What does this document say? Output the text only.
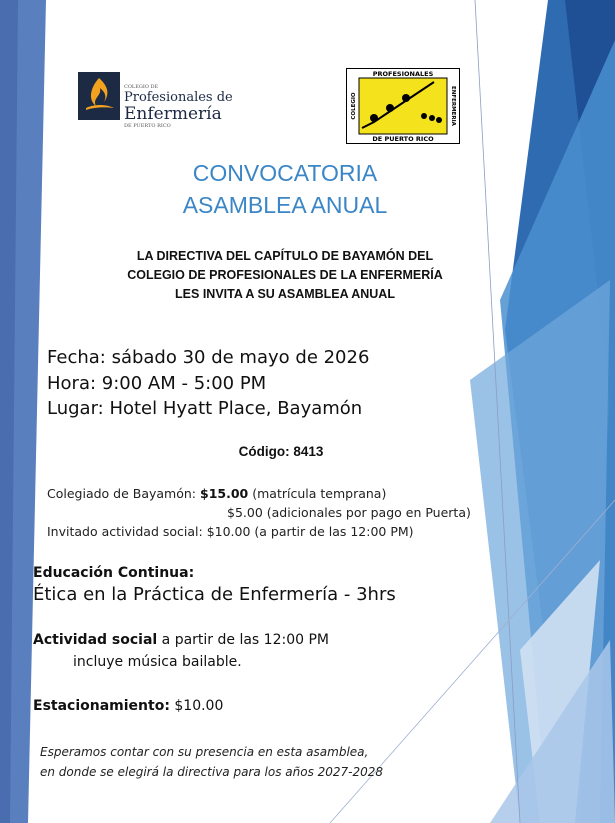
COLEGIO DE
Profesionales de
Enfermería
DE PUERTO RICO
PROFESIONALES
DE PUERTO RICO
COLEGIO	ENFERMERIA
CONVOCATORIA
ASAMBLEA ANUAL
LA DIRECTIVA DEL CAPÍTULO DE BAYAMÓN DEL
COLEGIO DE PROFESIONALES DE LA ENFERMERÍA
LES INVITA A SU ASAMBLEA ANUAL
Fecha: sábado 30 de mayo de 2026
Hora: 9:00 AM - 5:00 PM
Lugar: Hotel Hyatt Place, Bayamón
Código: 8413
Colegiado de Bayamón: $15.00 (matrícula temprana)
$5.00 (adicionales por pago en Puerta)
Invitado actividad social: $10.00 (a partir de las 12:00 PM)
Educación Continua:
Ética en la Práctica de Enfermería - 3hrs
Actividad social a partir de las 12:00 PM
incluye música bailable.
Estacionamiento: $10.00
Esperamos contar con su presencia en esta asamblea,
en donde se elegirá la directiva para los años 2027-2028
